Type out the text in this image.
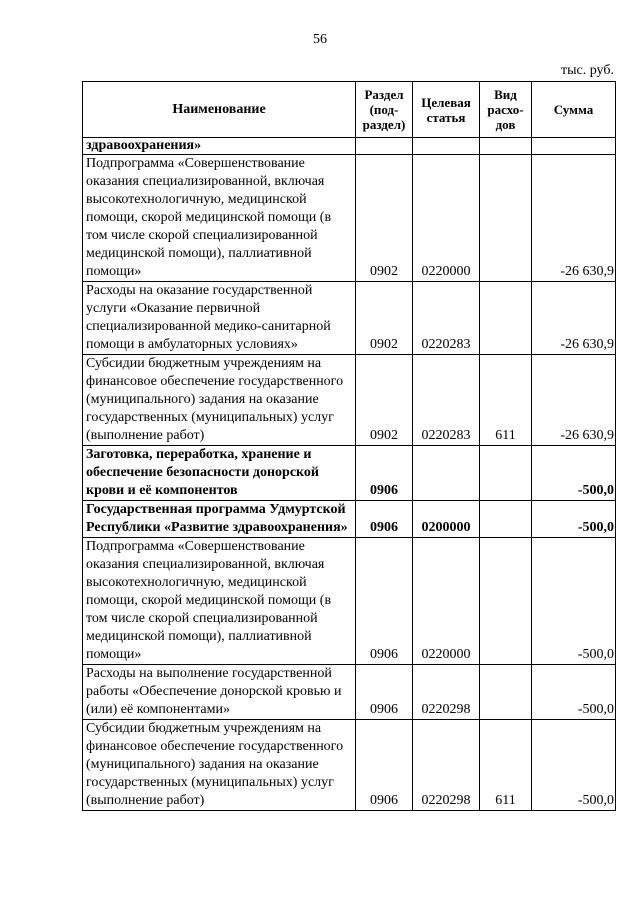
56
тыс. руб.
Наименование	Раздел (под-раздел)	Целевая статья	Вид расхо-дов	Сумма
здравоохранения»				
Подпрограмма «Совершенствование оказания специализированной, включая высокотехнологичную, медицинской помощи, скорой медицинской помощи (в том числе скорой специализированной медицинской помощи), паллиативной помощи»	0902	0220000		-26 630,9
Расходы на оказание государственной услуги «Оказание первичной специализированной медико-санитарной помощи в амбулаторных условиях»	0902	0220283		-26 630,9
Субсидии бюджетным учреждениям на финансовое обеспечение государственного (муниципального) задания на оказание государственных (муниципальных) услуг (выполнение работ)	0902	0220283	611	-26 630,9
Заготовка, переработка, хранение и обеспечение безопасности донорской крови и её компонентов	0906			-500,0
Государственная программа Удмуртской Республики «Развитие здравоохранения»	0906	0200000		-500,0
Подпрограмма «Совершенствование оказания специализированной, включая высокотехнологичную, медицинской помощи, скорой медицинской помощи (в том числе скорой специализированной медицинской помощи), паллиативной помощи»	0906	0220000		-500,0
Расходы на выполнение государственной работы «Обеспечение донорской кровью и (или) её компонентами»	0906	0220298		-500,0
Субсидии бюджетным учреждениям на финансовое обеспечение государственного (муниципального) задания на оказание государственных (муниципальных) услуг (выполнение работ)	0906	0220298	611	-500,0
